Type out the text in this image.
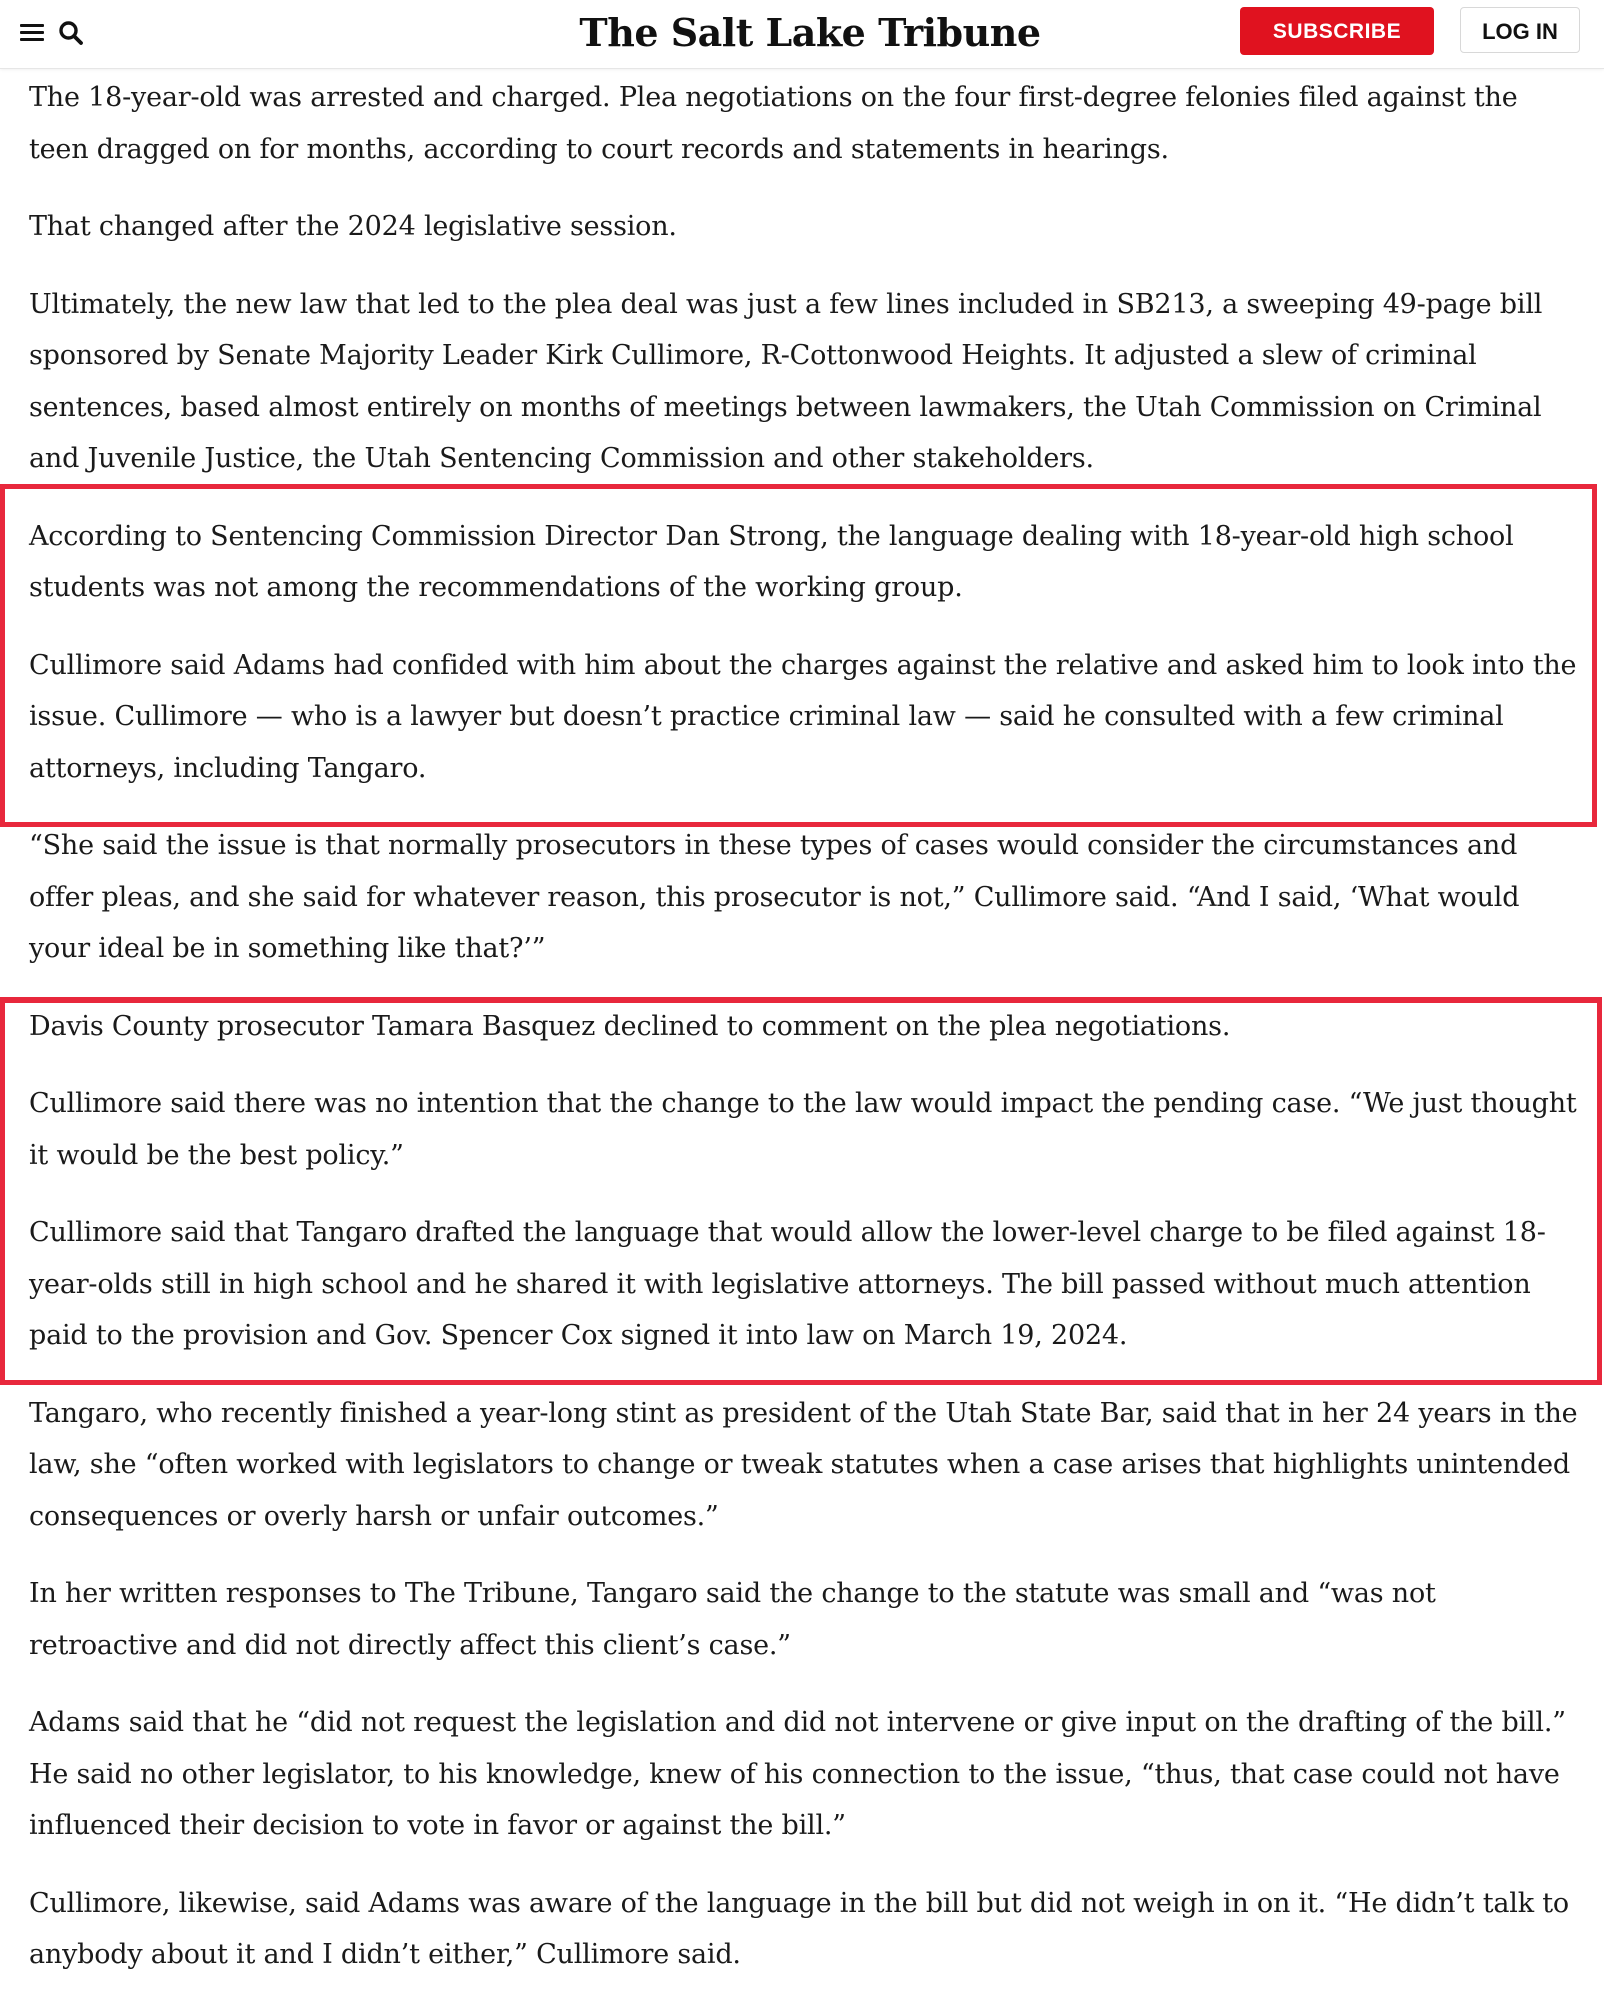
The Salt Lake Tribune	SUBSCRIBE	LOG IN

The 18-year-old was arrested and charged. Plea negotiations on the four first-degree felonies filed against the teen dragged on for months, according to court records and statements in hearings.

That changed after the 2024 legislative session.

Ultimately, the new law that led to the plea deal was just a few lines included in SB213, a sweeping 49-page bill sponsored by Senate Majority Leader Kirk Cullimore, R-Cottonwood Heights. It adjusted a slew of criminal sentences, based almost entirely on months of meetings between lawmakers, the Utah Commission on Criminal and Juvenile Justice, the Utah Sentencing Commission and other stakeholders.

According to Sentencing Commission Director Dan Strong, the language dealing with 18-year-old high school students was not among the recommendations of the working group.

Cullimore said Adams had confided with him about the charges against the relative and asked him to look into the issue. Cullimore — who is a lawyer but doesn’t practice criminal law — said he consulted with a few criminal attorneys, including Tangaro.

“She said the issue is that normally prosecutors in these types of cases would consider the circumstances and offer pleas, and she said for whatever reason, this prosecutor is not,” Cullimore said. “And I said, ‘What would your ideal be in something like that?’”

Davis County prosecutor Tamara Basquez declined to comment on the plea negotiations.

Cullimore said there was no intention that the change to the law would impact the pending case. “We just thought it would be the best policy.”

Cullimore said that Tangaro drafted the language that would allow the lower-level charge to be filed against 18-year-olds still in high school and he shared it with legislative attorneys. The bill passed without much attention paid to the provision and Gov. Spencer Cox signed it into law on March 19, 2024.

Tangaro, who recently finished a year-long stint as president of the Utah State Bar, said that in her 24 years in the law, she “often worked with legislators to change or tweak statutes when a case arises that highlights unintended consequences or overly harsh or unfair outcomes.”

In her written responses to The Tribune, Tangaro said the change to the statute was small and “was not retroactive and did not directly affect this client’s case.”

Adams said that he “did not request the legislation and did not intervene or give input on the drafting of the bill.” He said no other legislator, to his knowledge, knew of his connection to the issue, “thus, that case could not have influenced their decision to vote in favor or against the bill.”

Cullimore, likewise, said Adams was aware of the language in the bill but did not weigh in on it. “He didn’t talk to anybody about it and I didn’t either,” Cullimore said.
